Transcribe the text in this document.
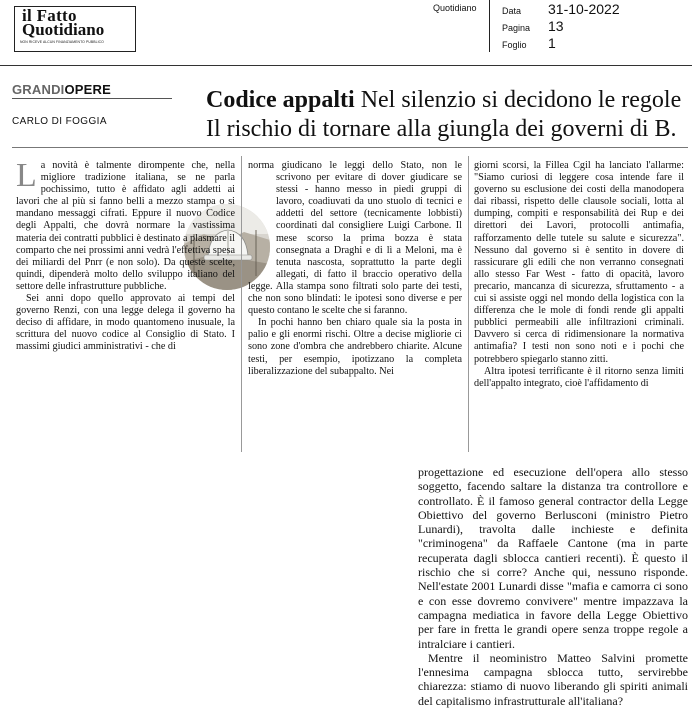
il Fatto
Quotidiano
NON RICEVE ALCUN FINANZIAMENTO PUBBLICO
Quotidiano	Data 31-10-2022
Pagina 13
Foglio 1
GRANDIOPERE
CARLO DI FOGGIA
Codice appalti Nel silenzio si decidono le regole
Il rischio di tornare alla giungla dei governi di B.

La novità è talmente dirompente che, nella migliore tradizione italiana, se ne parla pochissimo, tutto è affidato agli addetti ai lavori che al più si fanno belli a mezzo stampa o si mandano messaggi cifrati. Eppure il nuovo Codice degli Appalti, che dovrà normare la vastissima materia dei contratti pubblici è destinato a plasmare il comparto che nei prossimi anni vedrà l'effettiva spesa dei miliardi del Pnrr (e non solo). Da queste scelte, quindi, dipenderà molto dello sviluppo italiano del settore delle infrastrutture pubbliche.

Sei anni dopo quello approvato ai tempi del governo Renzi, con una legge delega il governo ha deciso di affidare, in modo quantomeno inusuale, la scrittura del nuovo codice al Consiglio di Stato. I massimi giudici amministrativi - che di

norma giudicano le leggi dello Stato, non le scrivono per evitare di dover giudicare se stessi - hanno messo in piedi gruppi di lavoro, coadiuvati da uno stuolo di tecnici e addetti del settore (tecnicamente lobbisti) coordinati dal consigliere Luigi Carbone. Il mese scorso la prima bozza è stata consegnata a Draghi e di lì a Meloni, ma è tenuta nascosta, soprattutto la parte degli allegati, di fatto il braccio operativo della legge. Alla stampa sono filtrati solo parte dei testi, che non sono blindati: le ipotesi sono diverse e per questo contano le scelte che si faranno.

In pochi hanno ben chiaro quale sia la posta in palio e gli enormi rischi. Oltre a decise migliorie ci sono zone d'ombra che andrebbero chiarite. Alcune testi, per esempio, ipotizzano la completa liberalizzazione del subappalto. Nei

giorni scorsi, la Fillea Cgil ha lanciato l'allarme: "Siamo curiosi di leggere cosa intende fare il governo su esclusione dei costi della manodopera dai ribassi, rispetto delle clausole sociali, lotta al dumping, compiti e responsabilità dei Rup e dei direttori dei Lavori, protocolli antimafia, rafforzamento delle tutele su salute e sicurezza". Nessuno dal governo si è sentito in dovere di rassicurare gli edili che non verranno consegnati allo stesso Far West - fatto di opacità, lavoro precario, mancanza di sicurezza, sfruttamento - a cui si assiste oggi nel mondo della logistica con la differenza che le mole di fondi rende gli appalti pubblici permeabili alle infiltrazioni criminali. Davvero si cerca di ridimensionare la normativa antimafia? I testi non sono noti e i pochi che potrebbero spiegarlo stanno zitti.

Altra ipotesi terrificante è il ritorno senza limiti dell'appalto integrato, cioè l'affidamento di

progettazione ed esecuzione dell'opera allo stesso soggetto, facendo saltare la distanza tra controllore e controllato. È il famoso general contractor della Legge Obiettivo del governo Berlusconi (ministro Pietro Lunardi), travolta dalle inchieste e definita "criminogena" da Raffaele Cantone (ma in parte recuperata dagli sblocca cantieri recenti). È questo il rischio che si corre? Anche qui, nessuno risponde. Nell'estate 2001 Lunardi disse "mafia e camorra ci sono e con esse dovremo convivere" mentre impazzava la campagna mediatica in favore della Legge Obiettivo per fare in fretta le grandi opere senza troppe regole a intralciare i cantieri.

Mentre il neoministro Matteo Salvini promette l'ennesima campagna sblocca tutto, servirebbe chiarezza: stiamo di nuovo liberando gli spiriti animali del capitalismo infrastrutturale all'italiana?
